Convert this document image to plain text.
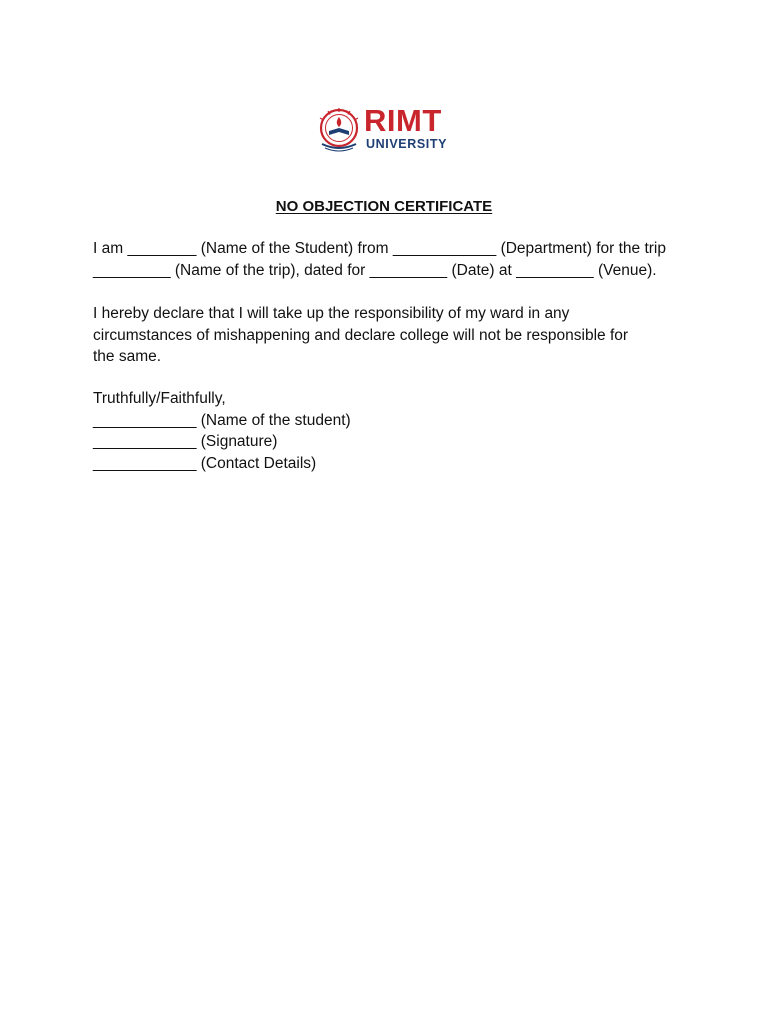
RIMT
UNIVERSITY
NO OBJECTION CERTIFICATE
I am ________ (Name of the Student) from ____________ (Department) for the trip
_________ (Name of the trip), dated for _________ (Date) at _________ (Venue).
I hereby declare that I will take up the responsibility of my ward in any
circumstances of mishappening and declare college will not be responsible for
the same.
Truthfully/Faithfully,
____________ (Name of the student)
____________ (Signature)
____________ (Contact Details)
